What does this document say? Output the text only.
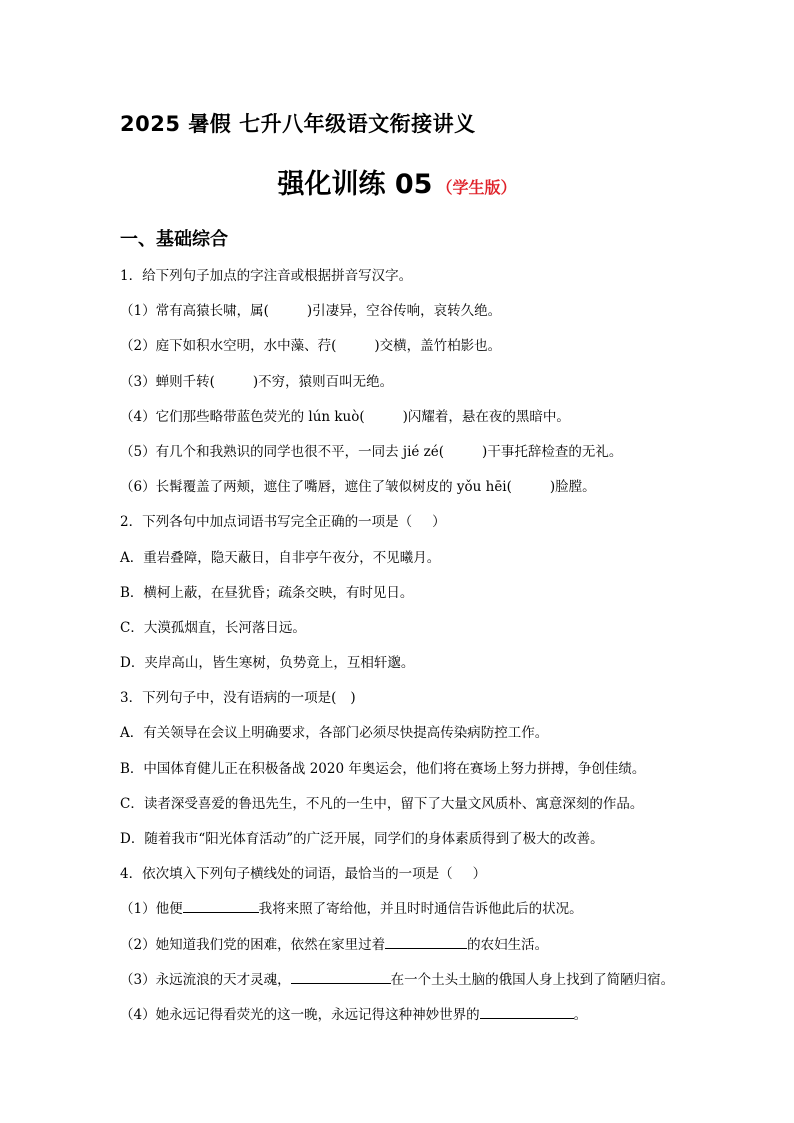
2025 暑假 七升八年级语文衔接讲义
强化训练 05 （学生版）
一、基础综合
1．给下列句子加点的字注音或根据拼音写汉字。
（1）常有高猿长啸，属(	)引凄异，空谷传响，哀转久绝。
（2）庭下如积水空明，水中藻、荇(	)交横，盖竹柏影也。
（3）蝉则千转(	)不穷，猿则百叫无绝。
（4）它们那些略带蓝色荧光的 lún kuò(	)闪耀着，悬在夜的黑暗中。
（5）有几个和我熟识的同学也很不平，一同去 jié zé(	)干事托辞检查的无礼。
（6）长髯覆盖了两颊，遮住了嘴唇，遮住了皱似树皮的 yǒu hēi(	)脸膛。
2．下列各句中加点词语书写完全正确的一项是（ ）
A．重岩叠障，隐天蔽日，自非亭午夜分，不见曦月。
B．横柯上蔽，在昼犹昏；疏条交映，有时见日。
C．大漠孤烟直，长河落日远。
D．夹岸高山，皆生寒树，负势竟上，互相轩邈。
3．下列句子中，没有语病的一项是( )
A．有关领导在会议上明确要求，各部门必须尽快提高传染病防控工作。
B．中国体育健儿正在积极备战 2020 年奥运会，他们将在赛场上努力拼搏，争创佳绩。
C．读者深受喜爱的鲁迅先生，不凡的一生中，留下了大量文风质朴、寓意深刻的作品。
D．随着我市“阳光体育活动”的广泛开展，同学们的身体素质得到了极大的改善。
4．依次填入下列句子横线处的词语，最恰当的一项是（ ）
（1）他便	我将来照了寄给他，并且时时通信告诉他此后的状况。
（2）她知道我们党的困难，依然在家里过着	的农妇生活。
（3）永远流浪的天才灵魂，	在一个土头土脑的俄国人身上找到了简陋归宿。
（4）她永远记得看荧光的这一晚，永远记得这种神妙世界的	。
